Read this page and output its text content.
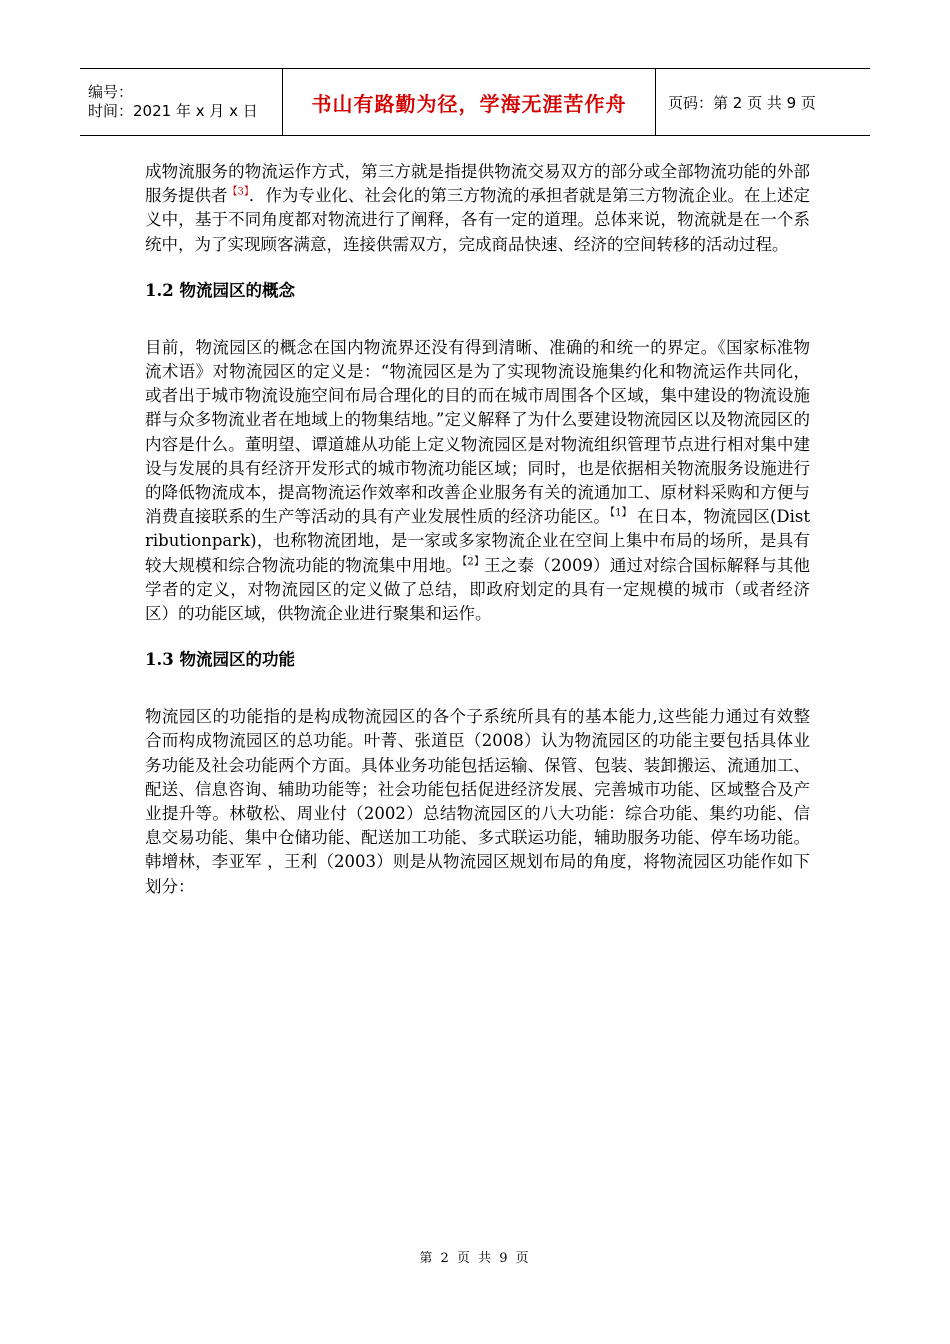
编号：
时间：2021 年 x 月 x 日	书山有路勤为径，学海无涯苦作舟	页码：第 2 页 共 9 页

成物流服务的物流运作方式，第三方就是指提供物流交易双方的部分或全部物流功能的外部服务提供者$^{【3】}$．作为专业化、社会化的第三方物流的承担者就是第三方物流企业。在上述定义中，基于不同角度都对物流进行了阐释，各有一定的道理。总体来说，物流就是在一个系统中，为了实现顾客满意，连接供需双方，完成商品快速、经济的空间转移的活动过程。

1.2 物流园区的概念

目前，物流园区的概念在国内物流界还没有得到清晰、准确的和统一的界定。《国家标准物流术语》对物流园区的定义是：“物流园区是为了实现物流设施集约化和物流运作共同化，或者出于城市物流设施空间布局合理化的目的而在城市周围各个区域，集中建设的物流设施群与众多物流业者在地域上的物集结地。”定义解释了为什么要建设物流园区以及物流园区的内容是什么。董明望、谭道雄从功能上定义物流园区是对物流组织管理节点进行相对集中建设与发展的具有经济开发形式的城市物流功能区域；同时，也是依据相关物流服务设施进行的降低物流成本，提高物流运作效率和改善企业服务有关的流通加工、原材料采购和方便与消费直接联系的生产等活动的具有产业发展性质的经济功能区。$^{【1】}$ 在日本，物流园区(Distributionpark)，也称物流团地，是一家或多家物流企业在空间上集中布局的场所，是具有较大规模和综合物流功能的物流集中用地。$^{【2】}$王之泰（2009）通过对综合国标解释与其他学者的定义，对物流园区的定义做了总结，即政府划定的具有一定规模的城市（或者经济区）的功能区域，供物流企业进行聚集和运作。

1.3 物流园区的功能

物流园区的功能指的是构成物流园区的各个子系统所具有的基本能力,这些能力通过有效整合而构成物流园区的总功能。叶菁、张道臣（2008）认为物流园区的功能主要包括具体业务功能及社会功能两个方面。具体业务功能包括运输、保管、包装、装卸搬运、流通加工、 配送、信息咨询、辅助功能等；社会功能包括促进经济发展、完善城市功能、区域整合及产业提升等。林敬松、周业付（2002）总结物流园区的八大功能：综合功能、集约功能、信息交易功能、集中仓储功能、配送加工功能、多式联运功能，辅助服务功能、停车场功能。韩增林，李亚军 ，王利（2003）则是从物流园区规划布局的角度，将物流园区功能作如下划分：

第 2 页 共 9 页
